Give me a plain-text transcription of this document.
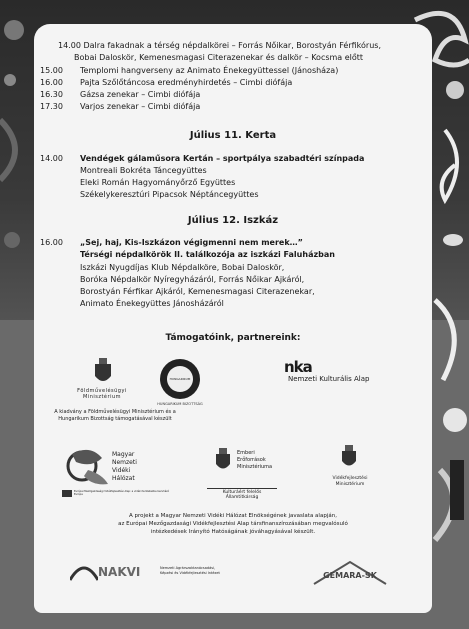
14.00 Dalra fakadnak a térség népdalkörei – Forrás Nőikar, Borostyán Férfikórus,
Bobai Daloskör, Kemenesmagasi Citerazenekar és dalkör – Kocsma előtt
15.00 Templomi hangverseny az Animato Énekegyüttessel (Jánosháza)
16.00 Pajta Szőlőtáncosa eredményhirdetés – Cimbi diófája
16.30 Gázsa zenekar – Cimbi diófája
17.30 Varjos zenekar – Cimbi diófája
Július 11. Kerta
14.00 Vendégek gálaműsora Kertán – sportpálya szabadtéri színpada
Montreali Bokréta Táncegyüttes
Eleki Román Hagyományőrző Együttes
Székelykeresztúri Pipacsok Néptáncegyüttes
Július 12. Iszkáz
16.00 „Sej, haj, Kis-Iszkázon végigmenni nem merek…”
Térségi népdalkörök II. találkozója az iszkázi Faluházban
Iszkázi Nyugdíjas Klub Népdalköre, Bobai Daloskör,
Boróka Népdalkör Nyíregyházáról, Forrás Nőikar Ajkáról,
Borostyán Férfikar Ajkáról, Kemenesmagasi Citerazenekar,
Animato Énekegyüttes Jánosházáról
Támogatóink, partnereink:
Földművelésügyi
Minisztérium
HUNGARIKUM
HUNGARIKUM BIZOTTSÁG
nka
Nemzeti Kulturális Alap
A kiadvány a Földművelésügyi Minisztérium és a
Hungarikum Bizottság támogatásával készült
Magyar
Nemzeti
Vidéki
Hálózat
Európai Mezőgazdasági Vidékfejlesztési Alap: a vidéki területekbe beruházó Európa
Emberi
Erőforrások
Minisztériuma
Kulturáért felelős
Államtitkárság
Vidékfejlesztési
Minisztérium
A projekt a Magyar Nemzeti Vidéki Hálózat Elnökségének javaslata alapján,
az Európai Mezőgazdasági Vidékfejlesztési Alap társfinanszírozásában megvalósuló
intézkedések Irányító Hatóságának jóváhagyásával készült.
NAKVI	Nemzeti Agrárszaktanácsadási,
Képzési és Vidékfejlesztési Intézet	GEMARA-SK
